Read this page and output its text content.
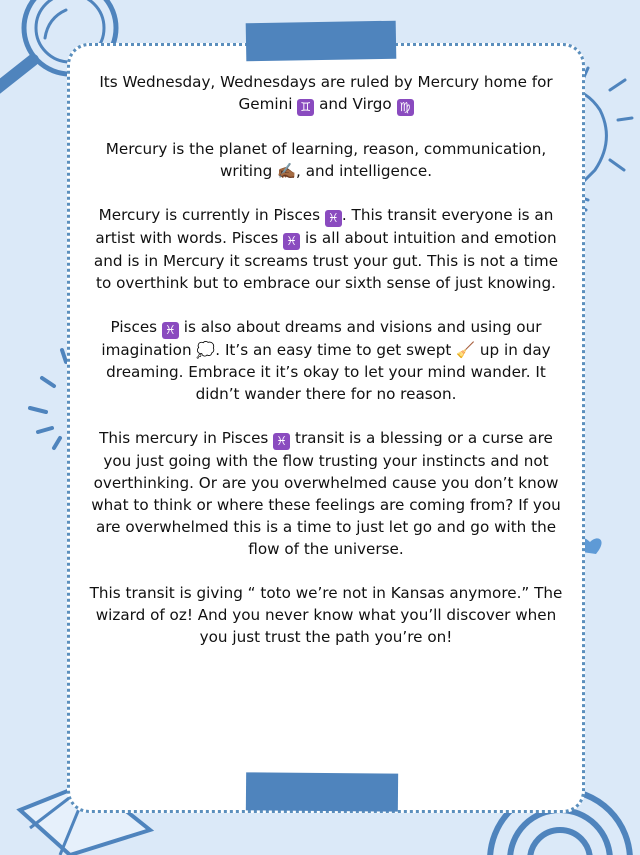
Its Wednesday, Wednesdays are ruled by Mercury home for Gemini ♊ and Virgo ♍

Mercury is the planet of learning, reason, communication, writing ✍🏾, and intelligence.

Mercury is currently in Pisces ♓ . This transit everyone is an artist with words. Pisces ♓ is all about intuition and emotion and is in Mercury it screams trust your gut. This is not a time to overthink but to embrace our sixth sense of just knowing.

Pisces ♓ is also about dreams and visions and using our imagination 💭. It’s an easy time to get swept 🧹 up in day dreaming. Embrace it it’s okay to let your mind wander. It didn’t wander there for no reason.

This mercury in Pisces ♓ transit is a blessing or a curse are you just going with the flow trusting your instincts and not overthinking. Or are you overwhelmed cause you don’t know what to think or where these feelings are coming from? If you are overwhelmed this is a time to just let go and go with the flow of the universe.

This transit is giving “ toto we’re not in Kansas anymore.” The wizard of oz! And you never know what you’ll discover when you just trust the path you’re on!
